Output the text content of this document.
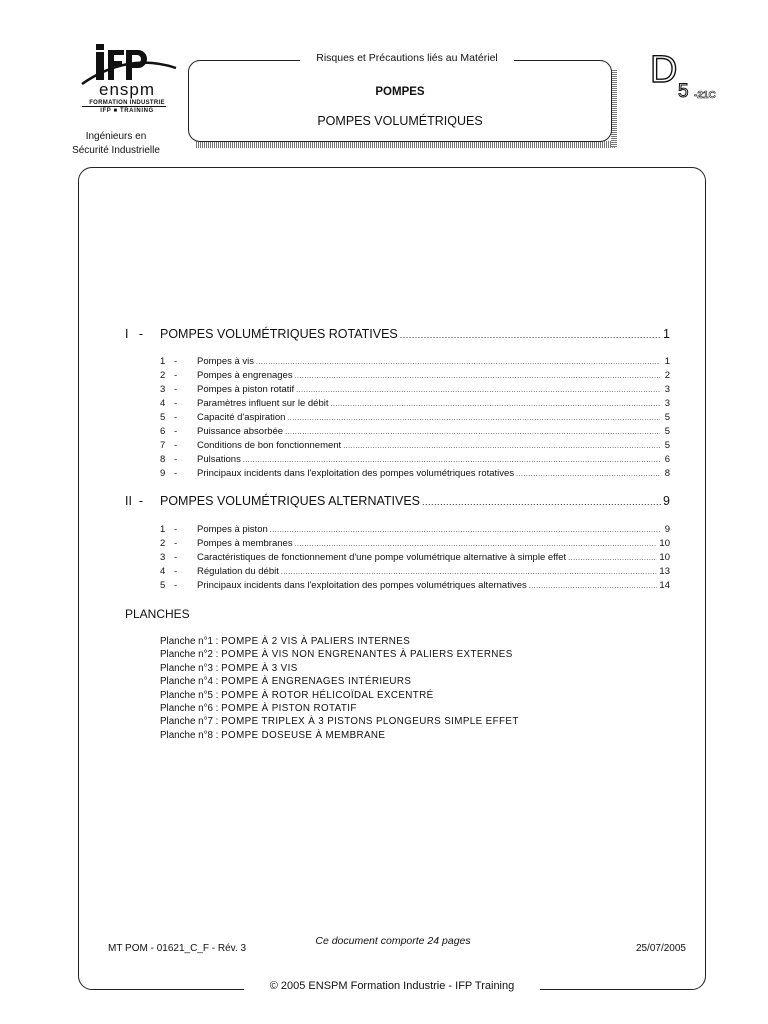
enspm
FORMATION INDUSTRIE
IFP ■ TRAINING
Ingénieurs en
Sécurité Industrielle
Risques et Précautions liés au Matériel
POMPES
POMPES VOLUMÉTRIQUES
D
5 -21C
I   -	POMPES VOLUMÉTRIQUES ROTATIVES .....	1
1 -	Pompes à vis .....	1
2 -	Pompes à engrenages .....	2
3 -	Pompes à piston rotatif .....	3
4 -	Paramètres influent sur le débit .....	3
5 -	Capacité d'aspiration .....	5
6 -	Puissance absorbée .....	5
7 -	Conditions de bon fonctionnement .....	5
8 -	Pulsations .....	6
9 -	Principaux incidents dans l'exploitation des pompes volumétriques rotatives .....	8
II  -	POMPES VOLUMÉTRIQUES ALTERNATIVES .....	9
1 -	Pompes à piston .....	9
2 -	Pompes à membranes .....	10
3 -	Caractéristiques de fonctionnement d'une pompe volumétrique alternative à simple effet .....	10
4 -	Régulation du débit .....	13
5 -	Principaux incidents dans l'exploitation des pompes volumétriques alternatives .....	14
PLANCHES
Planche n°1 : POMPE À 2 VIS À PALIERS INTERNES
Planche n°2 : POMPE À VIS NON ENGRENANTES À PALIERS EXTERNES
Planche n°3 : POMPE À 3 VIS
Planche n°4 : POMPE À ENGRENAGES INTÉRIEURS
Planche n°5 : POMPE À ROTOR HÉLICOÏDAL EXCENTRÉ
Planche n°6 : POMPE À PISTON ROTATIF
Planche n°7 : POMPE TRIPLEX À 3 PISTONS PLONGEURS SIMPLE EFFET
Planche n°8 : POMPE DOSEUSE À MEMBRANE
MT POM - 01621_C_F - Rév. 3
Ce document comporte 24 pages
25/07/2005
© 2005 ENSPM Formation Industrie - IFP Training
